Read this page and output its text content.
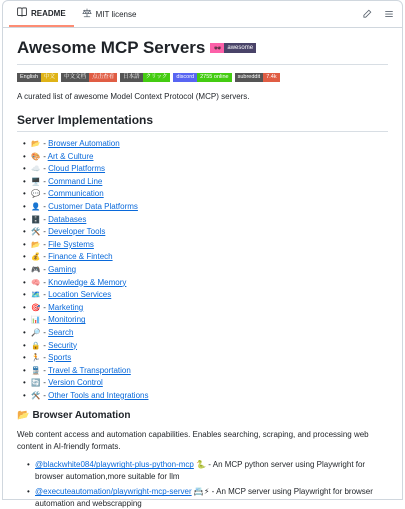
README	MIT license
Awesome MCP Servers	🕶	awesome
English	中文	中文文档	点击查看	日本語	クリック	discord	2755 online	subreddit	7.4k

A curated list of awesome Model Context Protocol (MCP) servers.

Server Implementations
• 📂 - Browser Automation
• 🎨 - Art & Culture
• ☁️ - Cloud Platforms
• 🖥️ - Command Line
• 💬 - Communication
• 👤 - Customer Data Platforms
• 🗄️ - Databases
• 🛠️ - Developer Tools
• 📂 - File Systems
• 💰 - Finance & Fintech
• 🎮 - Gaming
• 🧠 - Knowledge & Memory
• 🗺️ - Location Services
• 🎯 - Marketing
• 📊 - Monitoring
• 🔎 - Search
• 🔒 - Security
• 🏃 - Sports
• 🚆 - Travel & Transportation
• 🔄 - Version Control
• 🛠️ - Other Tools and Integrations
📂 Browser Automation

Web content access and automation capabilities. Enables searching, scraping, and processing web content in AI-friendly formats.

• @blackwhite084/playwright-plus-python-mcp 🐍 - An MCP python server using Playwright for browser automation,more suitable for llm
• @executeautomation/playwright-mcp-server 📇⚡ - An MCP server using Playwright for browser automation and webscrapping
